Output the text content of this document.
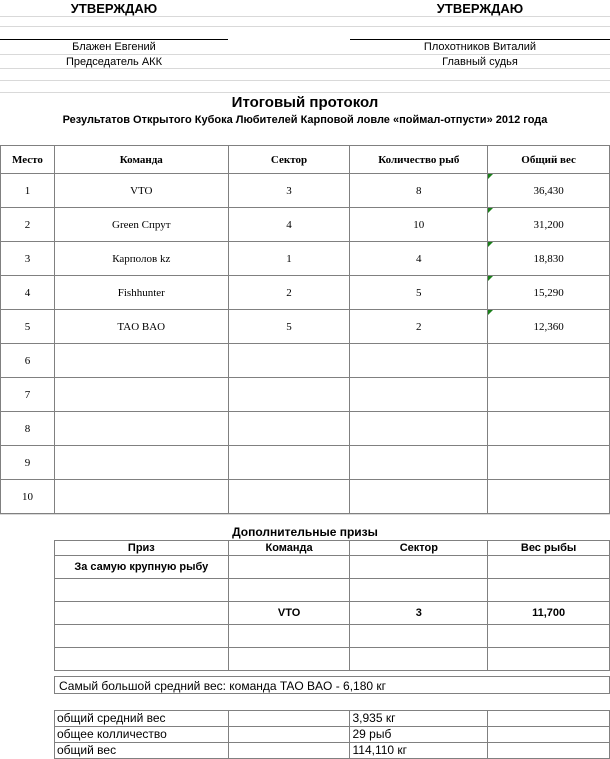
УТВЕРЖДАЮ	УТВЕРЖДАЮ
Блажен Евгений
Председатель АКК
Плохотников Виталий
Главный судья
Итоговый протокол
Результатов Открытого Кубока Любителей Карповой ловле «поймал-отпусти» 2012 года
Место	Команда	Сектор	Количество рыб	Общий вес
1	VTO	3	8	36,430
2	Green Спрут	4	10	31,200
3	Карполов kz	1	4	18,830
4	Fishhunter	2	5	15,290
5	TAO BAO	5	2	12,360
6				
7				
8				
9				
10				
Дополнительные призы
Приз	Команда	Сектор	Вес рыбы
За самую крупную рыбу			

	VTO	3	11,700

Самый большой средний вес: команда TAO BAO - 6,180 кг
общий средний вес		3,935 кг	
общее колличество		29 рыб	
общий вес		114,110 кг	
